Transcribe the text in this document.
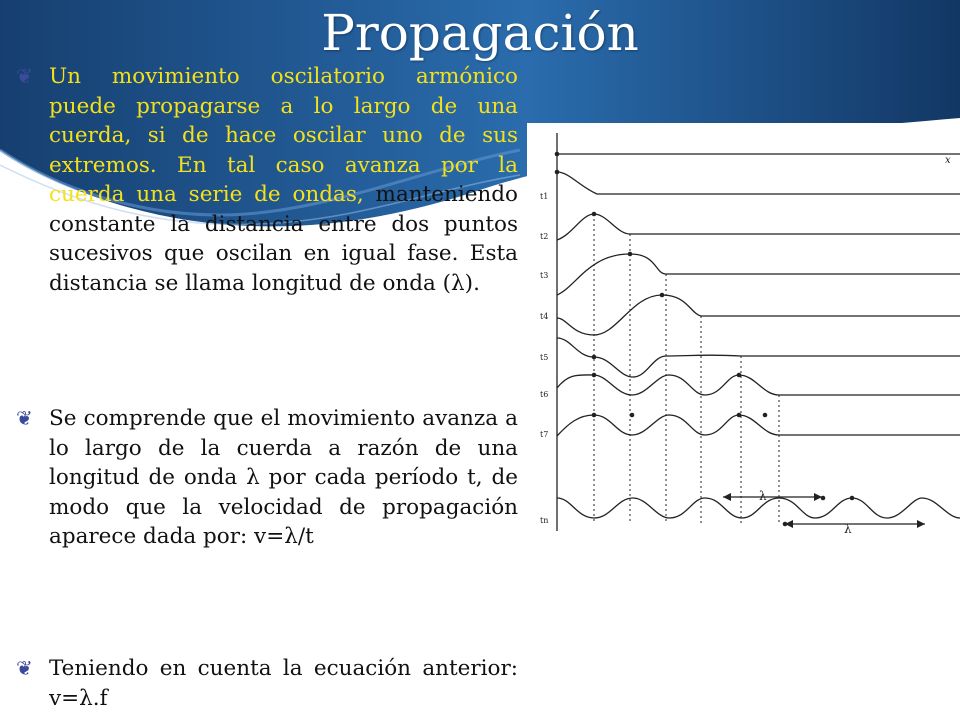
Propagación
❦ Un movimiento oscilatorio armónico puede propagarse a lo largo de una cuerda, si de hace oscilar uno de sus extremos. En tal caso avanza por la cuerda una serie de ondas, manteniendo constante la distancia entre dos puntos sucesivos que oscilan en igual fase. Esta distancia se llama longitud de onda (λ).
❦ Se comprende que el movimiento avanza a lo largo de la cuerda a razón de una longitud de onda λ por cada período t, de modo que la velocidad de propagación aparece dada por: v=λ/t
❦ Teniendo en cuenta la ecuación anterior: v=λ.f
x
t1
t2
t3
t4
t5
t6
t7
tn
λ
λ
